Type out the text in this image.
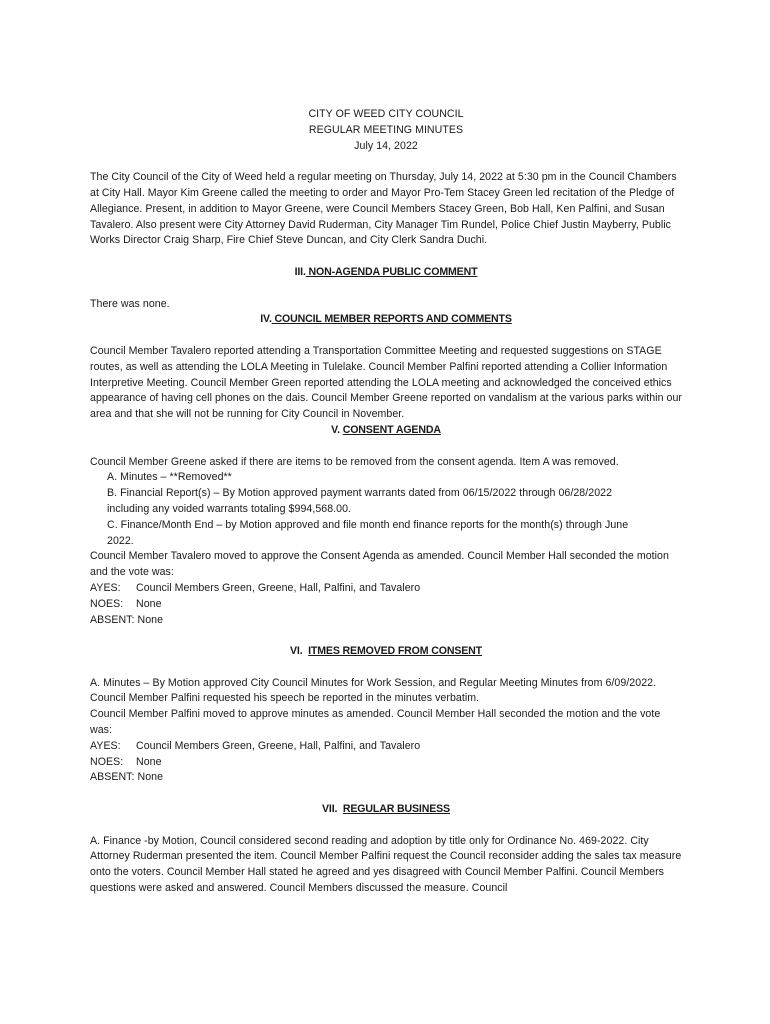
CITY OF WEED CITY COUNCIL
REGULAR MEETING MINUTES
July 14, 2022

The City Council of the City of Weed held a regular meeting on Thursday, July 14, 2022 at 5:30 pm in the Council Chambers at City Hall. Mayor Kim Greene called the meeting to order and Mayor Pro-Tem Stacey Green led recitation of the Pledge of Allegiance. Present, in addition to Mayor Greene, were Council Members Stacey Green, Bob Hall, Ken Palfini, and Susan Tavalero. Also present were City Attorney David Ruderman, City Manager Tim Rundel, Police Chief Justin Mayberry, Public Works Director Craig Sharp, Fire Chief Steve Duncan, and City Clerk Sandra Duchi.

III. NON-AGENDA PUBLIC COMMENT

There was none.

IV. COUNCIL MEMBER REPORTS AND COMMENTS

Council Member Tavalero reported attending a Transportation Committee Meeting and requested suggestions on STAGE routes, as well as attending the LOLA Meeting in Tulelake. Council Member Palfini reported attending a Collier Information Interpretive Meeting. Council Member Green reported attending the LOLA meeting and acknowledged the conceived ethics appearance of having cell phones on the dais. Council Member Greene reported on vandalism at the various parks within our area and that she will not be running for City Council in November.

V. CONSENT AGENDA

Council Member Greene asked if there are items to be removed from the consent agenda. Item A was removed.

A. Minutes – **Removed**
B. Financial Report(s) – By Motion approved payment warrants dated from 06/15/2022 through 06/28/2022
including any voided warrants totaling $994,568.00.
C. Finance/Month End – by Motion approved and file month end finance reports for the month(s) through June
2022.

Council Member Tavalero moved to approve the Consent Agenda as amended. Council Member Hall seconded the motion and the vote was:

AYES:	Council Members Green, Greene, Hall, Palfini, and Tavalero
NOES:	None
ABSENT: None
VI. ITMES REMOVED FROM CONSENT

A. Minutes – By Motion approved City Council Minutes for Work Session, and Regular Meeting Minutes from 6/09/2022. Council Member Palfini requested his speech be reported in the minutes verbatim.

Council Member Palfini moved to approve minutes as amended. Council Member Hall seconded the motion and the vote was:

AYES:	Council Members Green, Greene, Hall, Palfini, and Tavalero
NOES:	None
ABSENT: None
VII. REGULAR BUSINESS

A. Finance -by Motion, Council considered second reading and adoption by title only for Ordinance No. 469-2022. City Attorney Ruderman presented the item. Council Member Palfini request the Council reconsider adding the sales tax measure onto the voters. Council Member Hall stated he agreed and yes disagreed with Council Member Palfini. Council Members questions were asked and answered. Council Members discussed the measure. Council
